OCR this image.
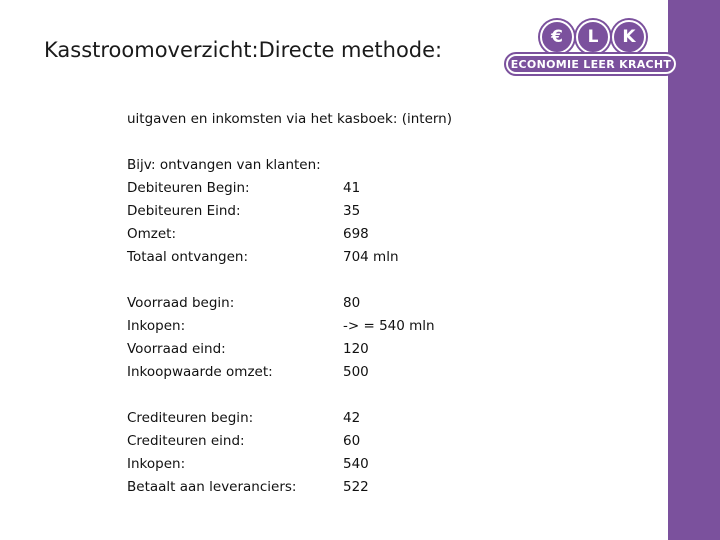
Kasstroomoverzicht:Directe methode:
€	L	K
ECONOMIE LEER KRACHT
uitgaven en inkomsten via het kasboek: (intern)
Bijv: ontvangen van klanten:
Debiteuren Begin:	41
Debiteuren Eind:	35
Omzet:	698
Totaal ontvangen:	704 mln
Voorraad begin:	80
Inkopen:	-> = 540 mln
Voorraad eind:	120
Inkoopwaarde omzet:	500
Crediteuren begin:	42
Crediteuren eind:	60
Inkopen:	540
Betaalt aan leveranciers:	522
